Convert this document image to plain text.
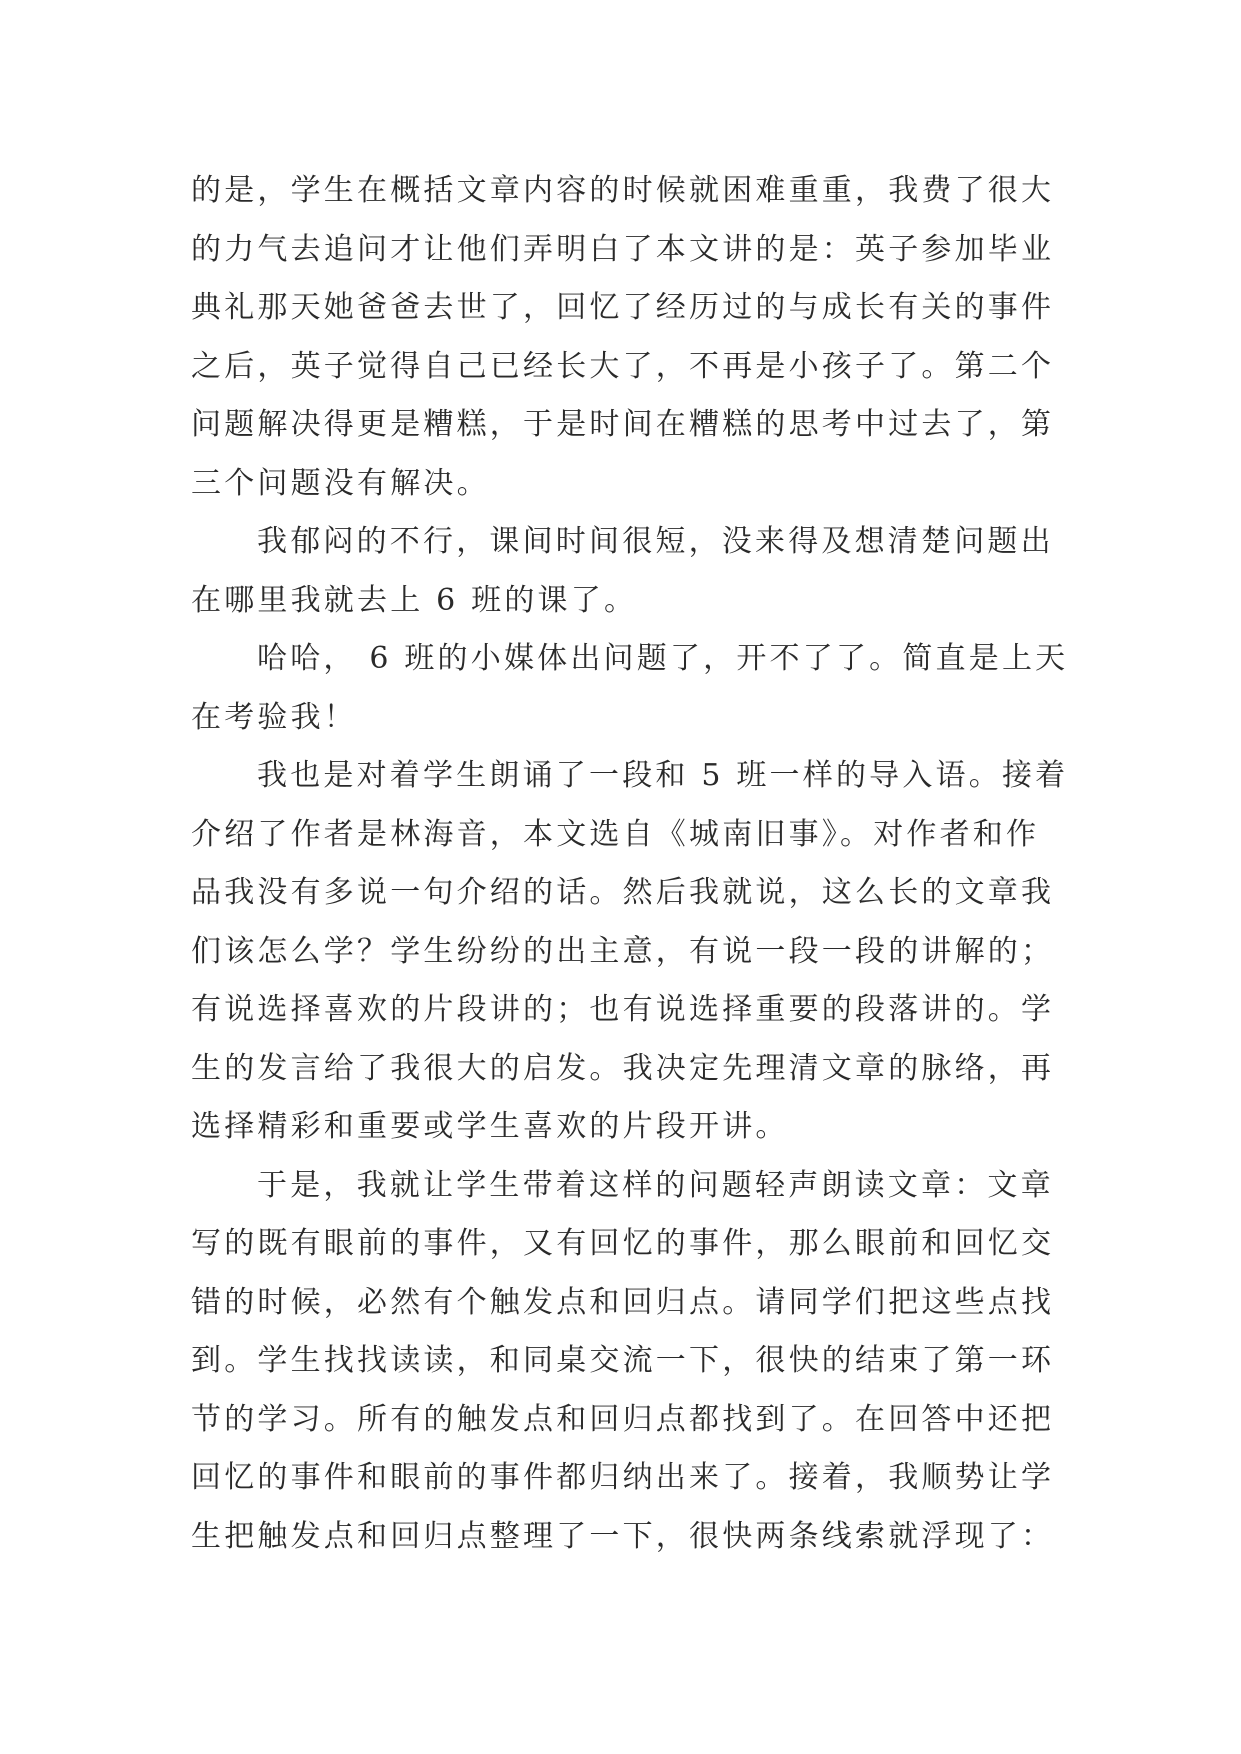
的是，学生在概括文章内容的时候就困难重重，我费了很大
的力气去追问才让他们弄明白了本文讲的是：英子参加毕业
典礼那天她爸爸去世了，回忆了经历过的与成长有关的事件
之后，英子觉得自己已经长大了，不再是小孩子了。第二个
问题解决得更是糟糕，于是时间在糟糕的思考中过去了，第
三个问题没有解决。
我郁闷的不行，课间时间很短，没来得及想清楚问题出
在哪里我就去上 6 班的课了。
哈哈， 6 班的小媒体出问题了，开不了了。简直是上天
在考验我！
我也是对着学生朗诵了一段和 5 班一样的导入语。接着
介绍了作者是林海音，本文选自《城南旧事》。对作者和作
品我没有多说一句介绍的话。然后我就说，这么长的文章我
们该怎么学？学生纷纷的出主意，有说一段一段的讲解的；
有说选择喜欢的片段讲的；也有说选择重要的段落讲的。学
生的发言给了我很大的启发。我决定先理清文章的脉络，再
选择精彩和重要或学生喜欢的片段开讲。
于是，我就让学生带着这样的问题轻声朗读文章：文章
写的既有眼前的事件，又有回忆的事件，那么眼前和回忆交
错的时候，必然有个触发点和回归点。请同学们把这些点找
到。学生找找读读，和同桌交流一下，很快的结束了第一环
节的学习。所有的触发点和回归点都找到了。在回答中还把
回忆的事件和眼前的事件都归纳出来了。接着，我顺势让学
生把触发点和回归点整理了一下，很快两条线索就浮现了：
